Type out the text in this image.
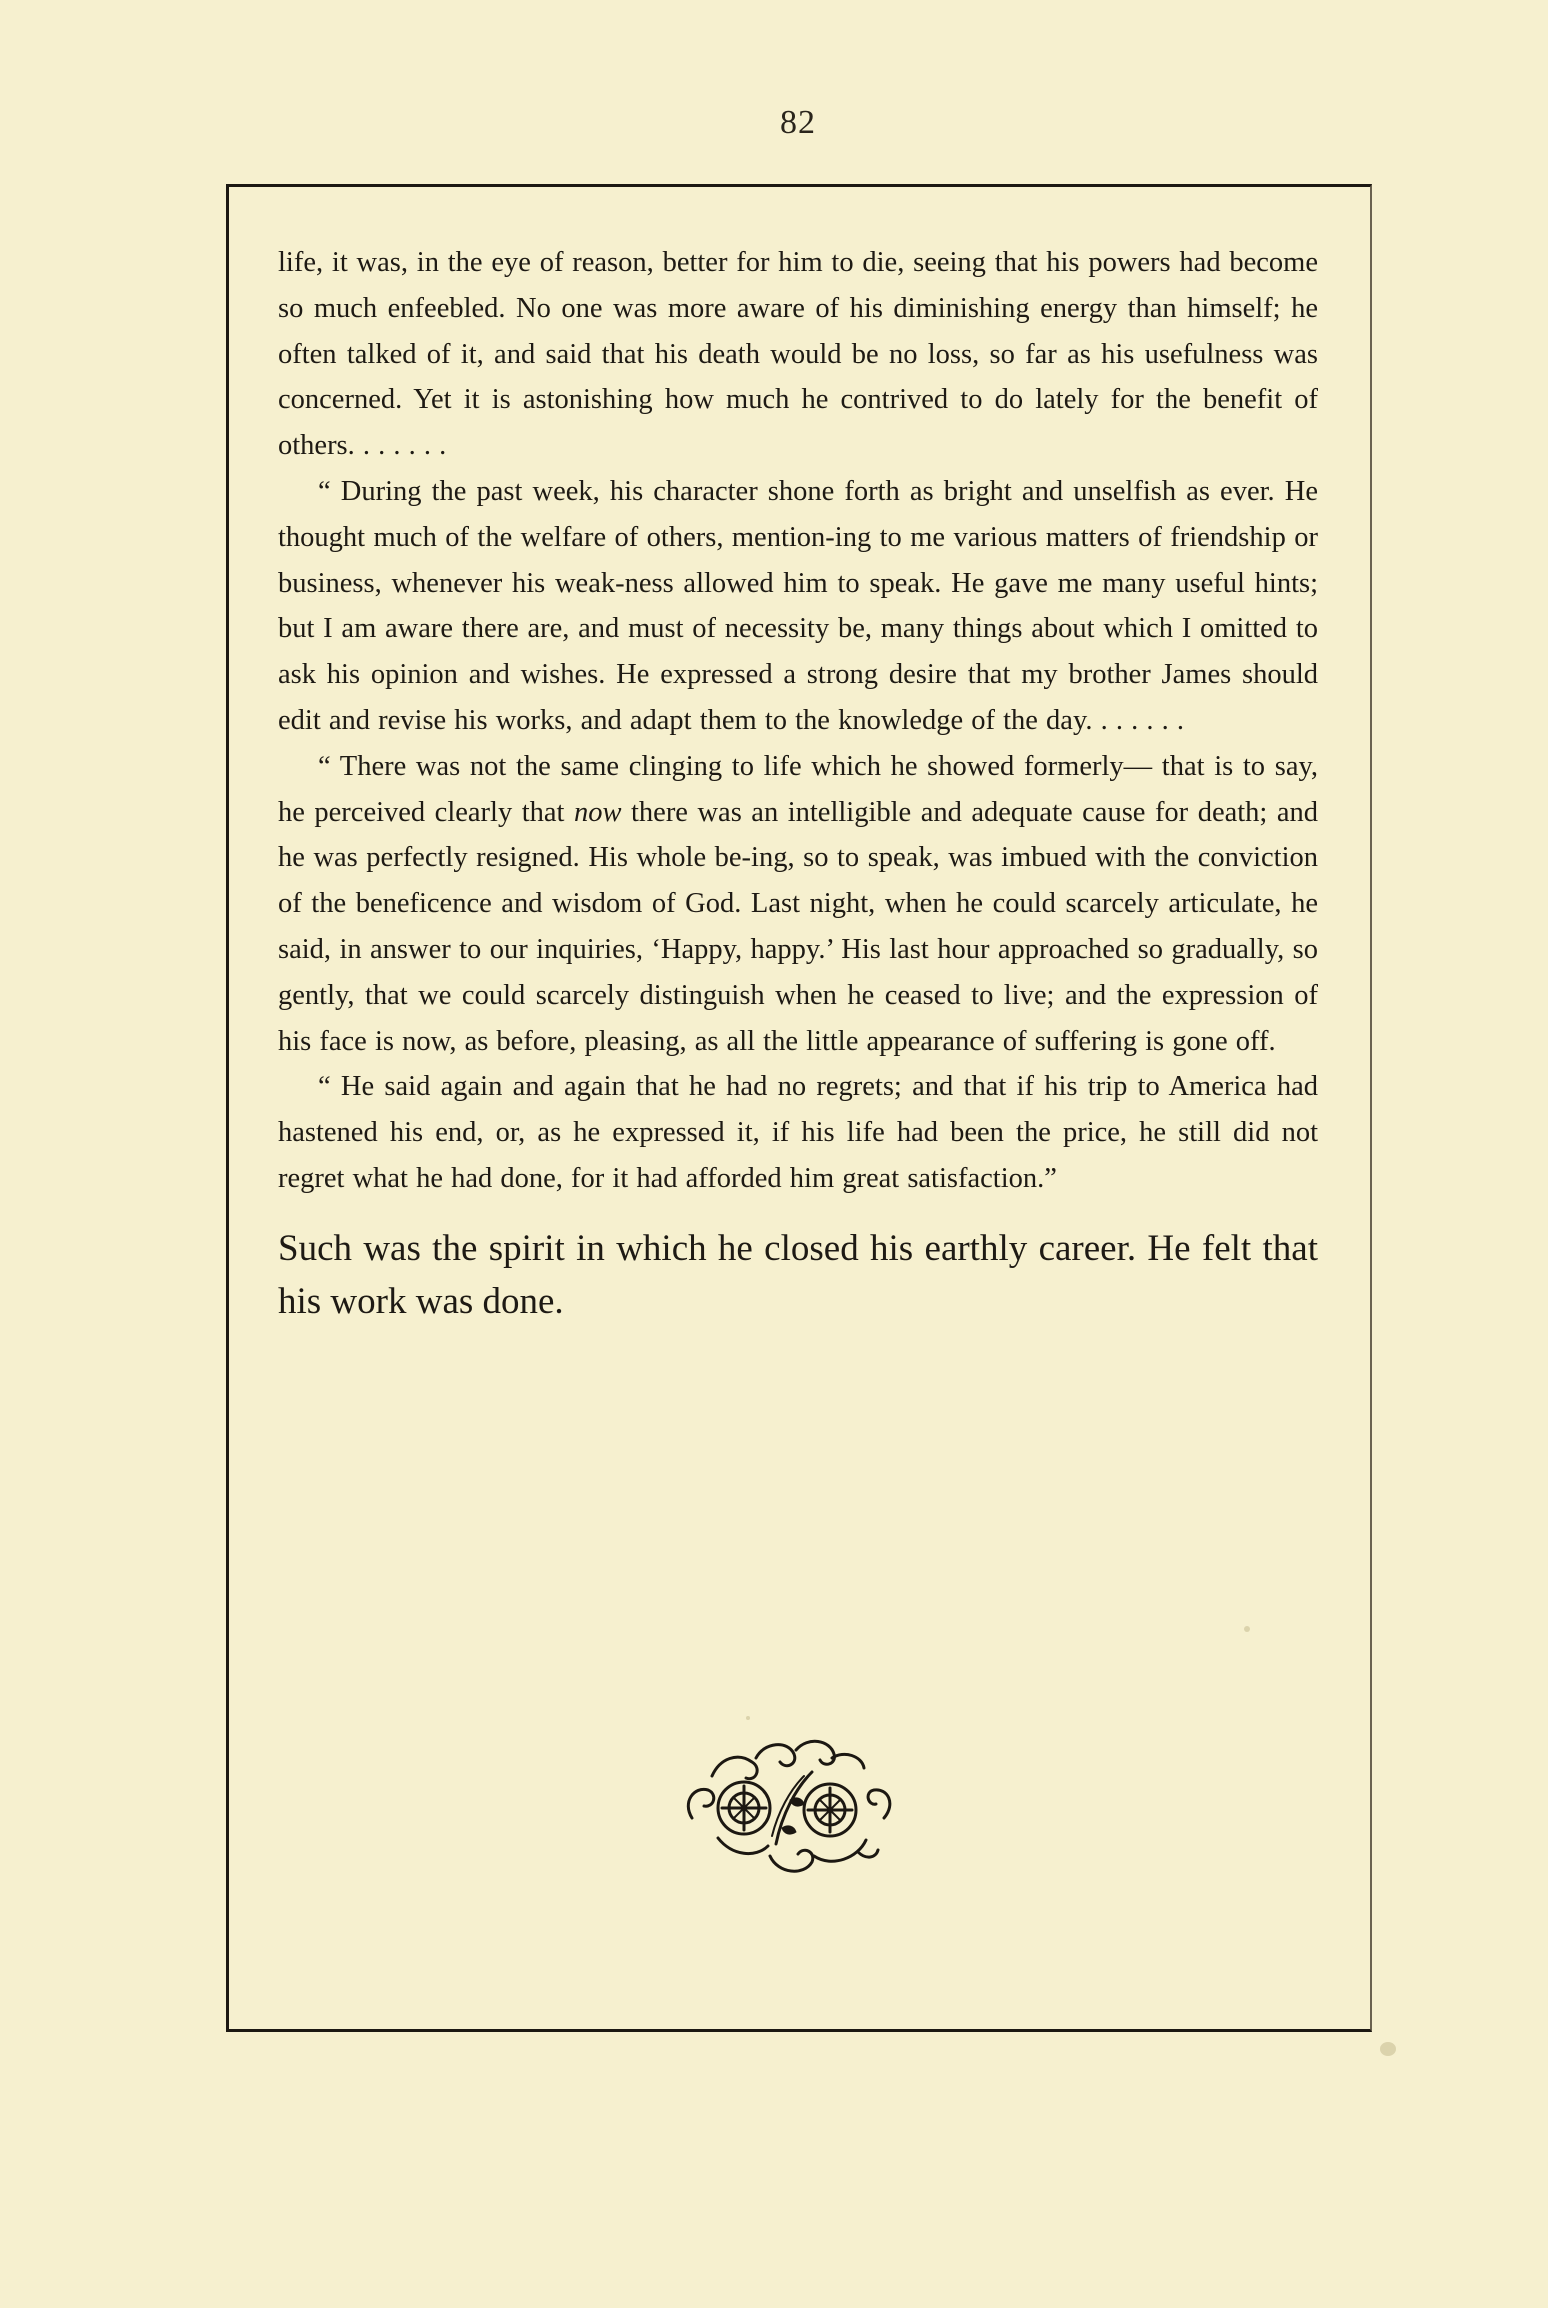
82

life, it was, in the eye of reason, better for him to die, seeing that his powers had become so much enfeebled. No one was more aware of his diminishing energy than himself; he often talked of it, and said that his death would be no loss, so far as his usefulness was concerned. Yet it is astonishing how much he contrived to do lately for the benefit of others. . . . . . .

“ During the past week, his character shone forth as bright and unselfish as ever. He thought much of the welfare of others, mention-ing to me various matters of friendship or business, whenever his weak-ness allowed him to speak. He gave me many useful hints; but I am aware there are, and must of necessity be, many things about which I omitted to ask his opinion and wishes. He expressed a strong desire that my brother James should edit and revise his works, and adapt them to the knowledge of the day. . . . . . .

“ There was not the same clinging to life which he showed formerly— that is to say, he perceived clearly that now there was an intelligible and adequate cause for death; and he was perfectly resigned. His whole be-ing, so to speak, was imbued with the conviction of the beneficence and wisdom of God. Last night, when he could scarcely articulate, he said, in answer to our inquiries, ‘Happy, happy.’ His last hour approached so gradually, so gently, that we could scarcely distinguish when he ceased to live; and the expression of his face is now, as before, pleasing, as all the little appearance of suffering is gone off.

“ He said again and again that he had no regrets; and that if his trip to America had hastened his end, or, as he expressed it, if his life had been the price, he still did not regret what he had done, for it had afforded him great satisfaction.”

Such was the spirit in which he closed his earthly career. He felt that his work was done.
